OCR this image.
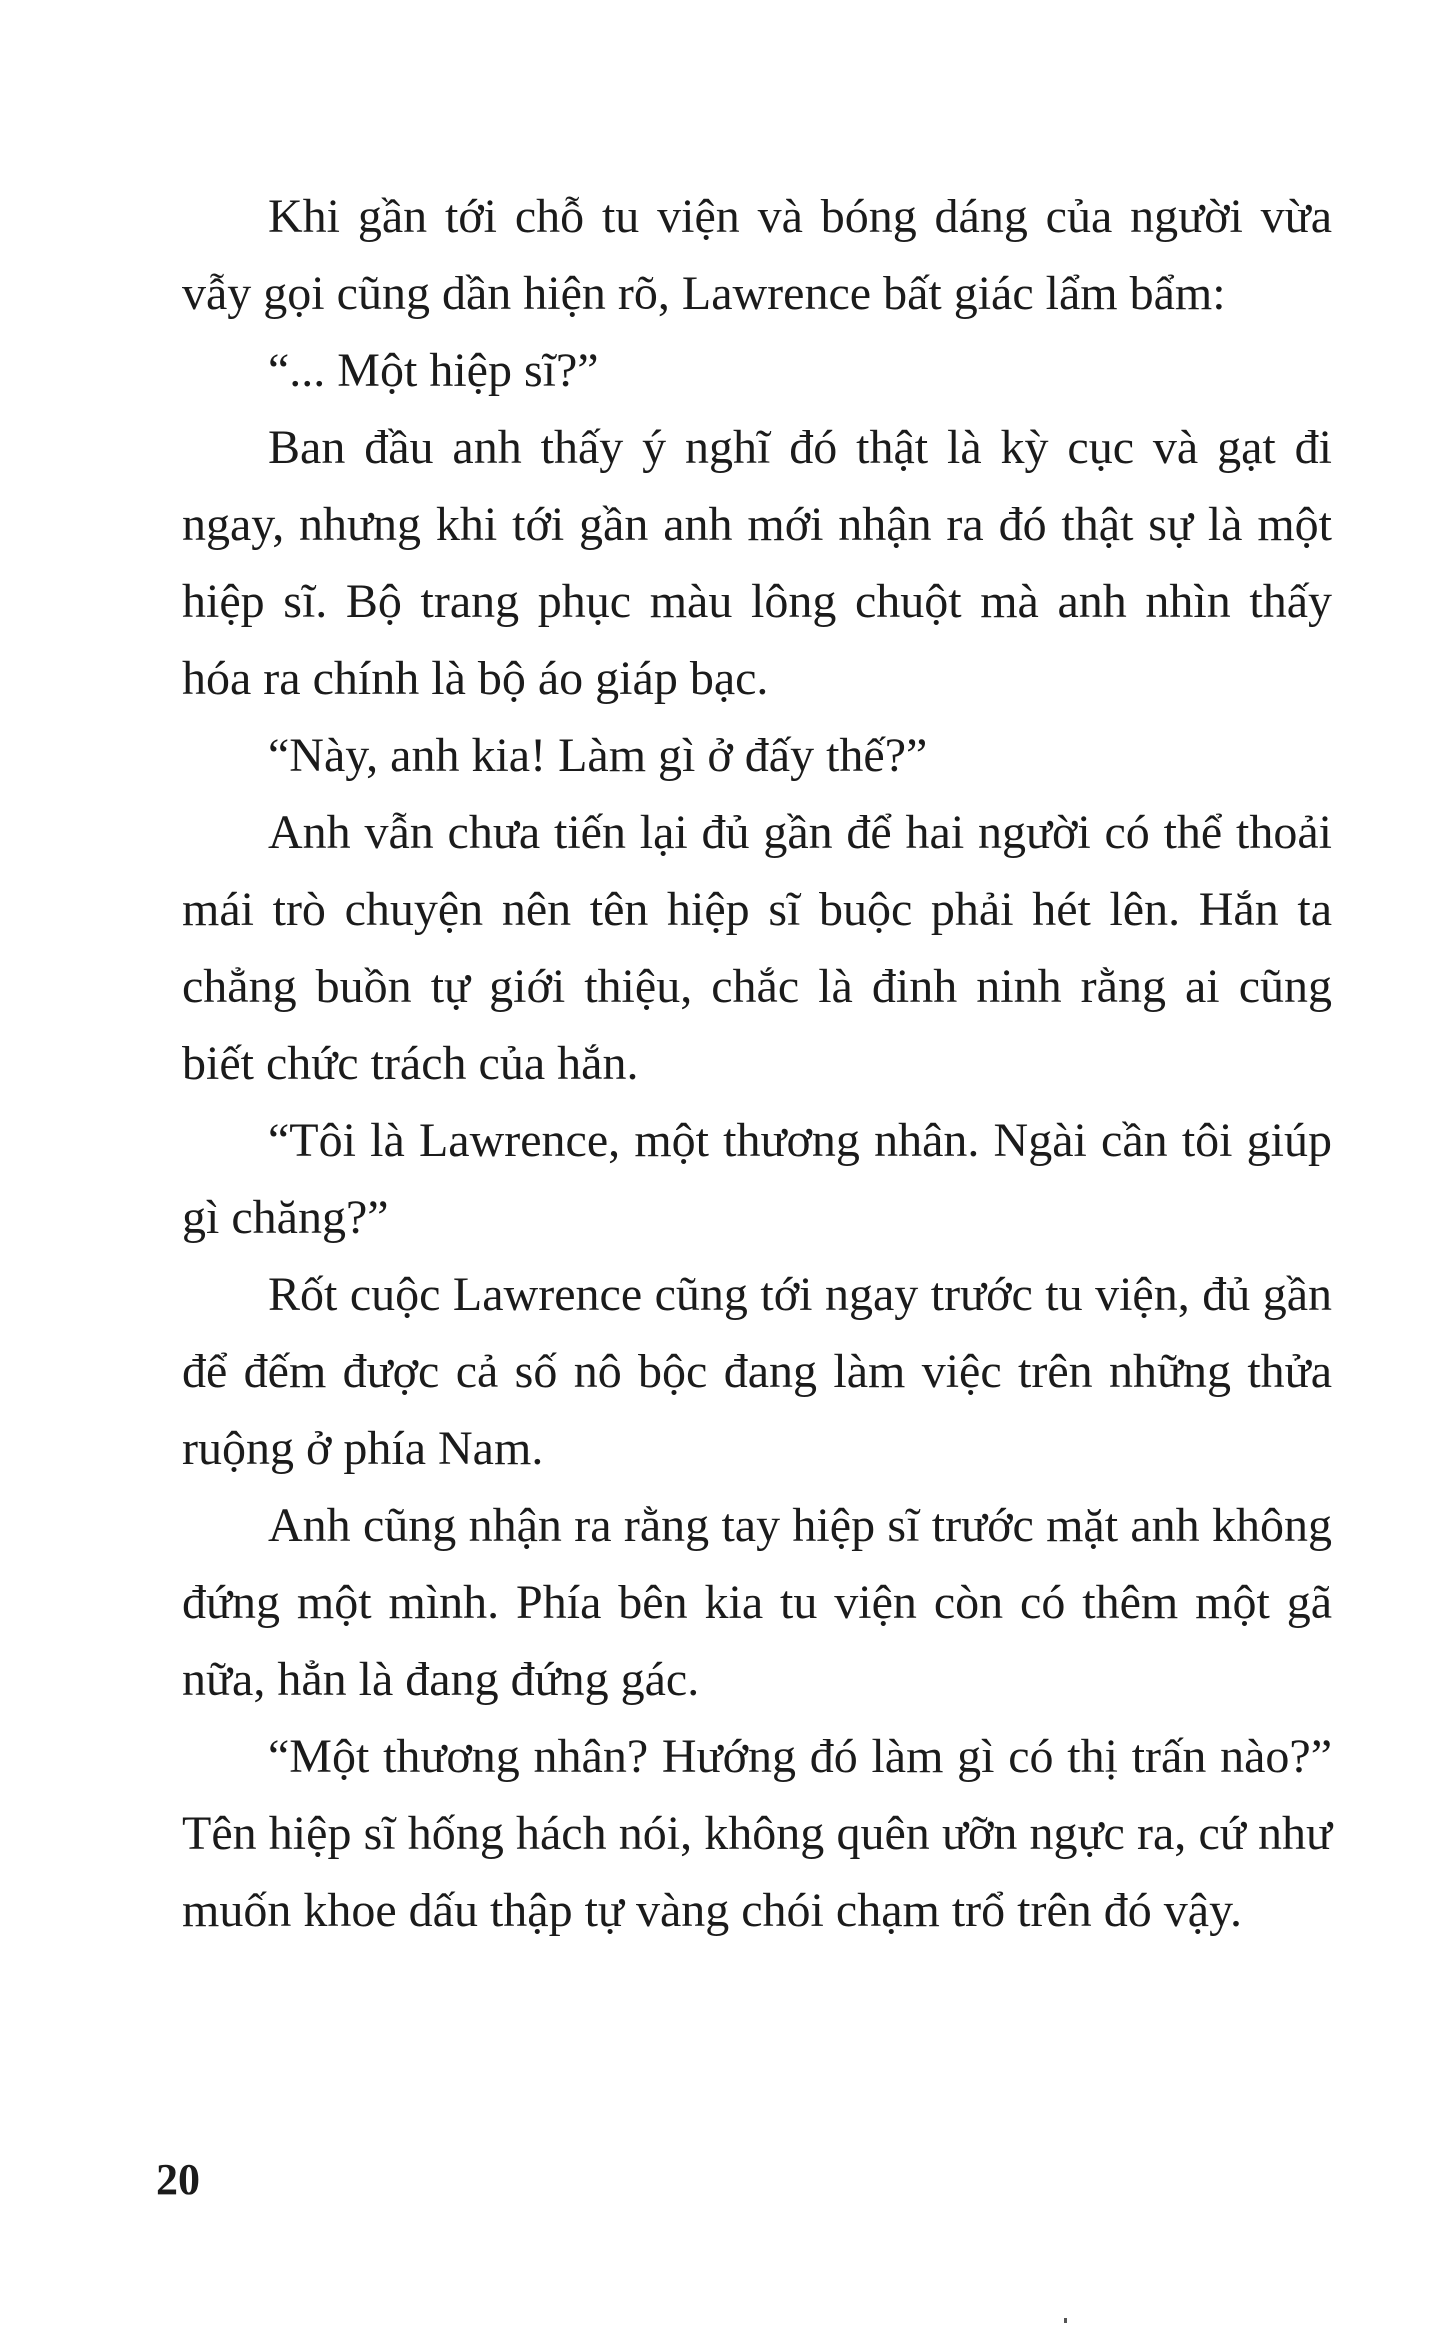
Khi gần tới chỗ tu viện và bóng dáng của người vừa vẫy gọi cũng dần hiện rõ, Lawrence bất giác lẩm bẩm:

“... Một hiệp sĩ?”

Ban đầu anh thấy ý nghĩ đó thật là kỳ cục và gạt đi ngay, nhưng khi tới gần anh mới nhận ra đó thật sự là một hiệp sĩ. Bộ trang phục màu lông chuột mà anh nhìn thấy hóa ra chính là bộ áo giáp bạc.

“Này, anh kia! Làm gì ở đấy thế?”

Anh vẫn chưa tiến lại đủ gần để hai người có thể thoải mái trò chuyện nên tên hiệp sĩ buộc phải hét lên. Hắn ta chẳng buồn tự giới thiệu, chắc là đinh ninh rằng ai cũng biết chức trách của hắn.

“Tôi là Lawrence, một thương nhân. Ngài cần tôi giúp gì chăng?”

Rốt cuộc Lawrence cũng tới ngay trước tu viện, đủ gần để đếm được cả số nô bộc đang làm việc trên những thửa ruộng ở phía Nam.

Anh cũng nhận ra rằng tay hiệp sĩ trước mặt anh không đứng một mình. Phía bên kia tu viện còn có thêm một gã nữa, hẳn là đang đứng gác.

“Một thương nhân? Hướng đó làm gì có thị trấn nào?” Tên hiệp sĩ hống hách nói, không quên ưỡn ngực ra, cứ như muốn khoe dấu thập tự vàng chói chạm trổ trên đó vậy.

20
